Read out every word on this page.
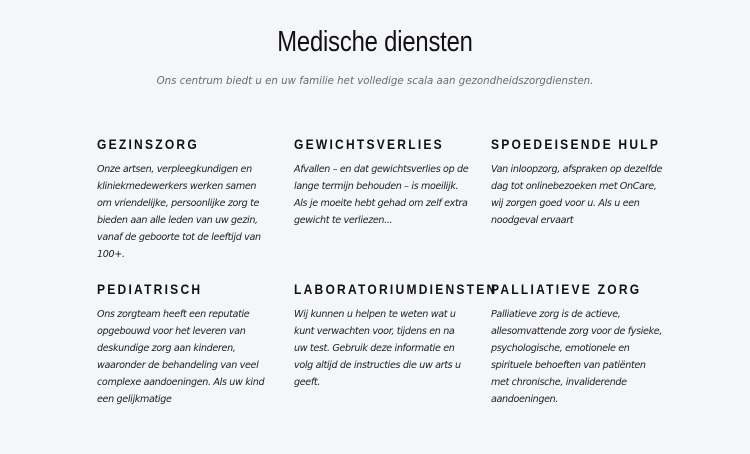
Medische diensten

Ons centrum biedt u en uw familie het volledige scala aan gezondheidszorgdiensten.

GEZINSZORG

Onze artsen, verpleegkundigen en kliniekmedewerkers werken samen om vriendelijke, persoonlijke zorg te bieden aan alle leden van uw gezin, vanaf de geboorte tot de leeftijd van 100+.

GEWICHTSVERLIES

Afvallen – en dat gewichtsverlies op de lange termijn behouden – is moeilijk. Als je moeite hebt gehad om zelf extra gewicht te verliezen...

SPOEDEISENDE HULP

Van inloopzorg, afspraken op dezelfde dag tot onlinebezoeken met OnCare, wij zorgen goed voor u. Als u een noodgeval ervaart

PEDIATRISCH

Ons zorgteam heeft een reputatie opgebouwd voor het leveren van deskundige zorg aan kinderen, waaronder de behandeling van veel complexe aandoeningen. Als uw kind een gelijkmatige

LABORATORIUMDIENSTEN

Wij kunnen u helpen te weten wat u kunt verwachten voor, tijdens en na uw test. Gebruik deze informatie en volg altijd de instructies die uw arts u geeft.

PALLIATIEVE ZORG

Palliatieve zorg is de actieve, allesomvattende zorg voor de fysieke, psychologische, emotionele en spirituele behoeften van patiënten met chronische, invaliderende aandoeningen.
